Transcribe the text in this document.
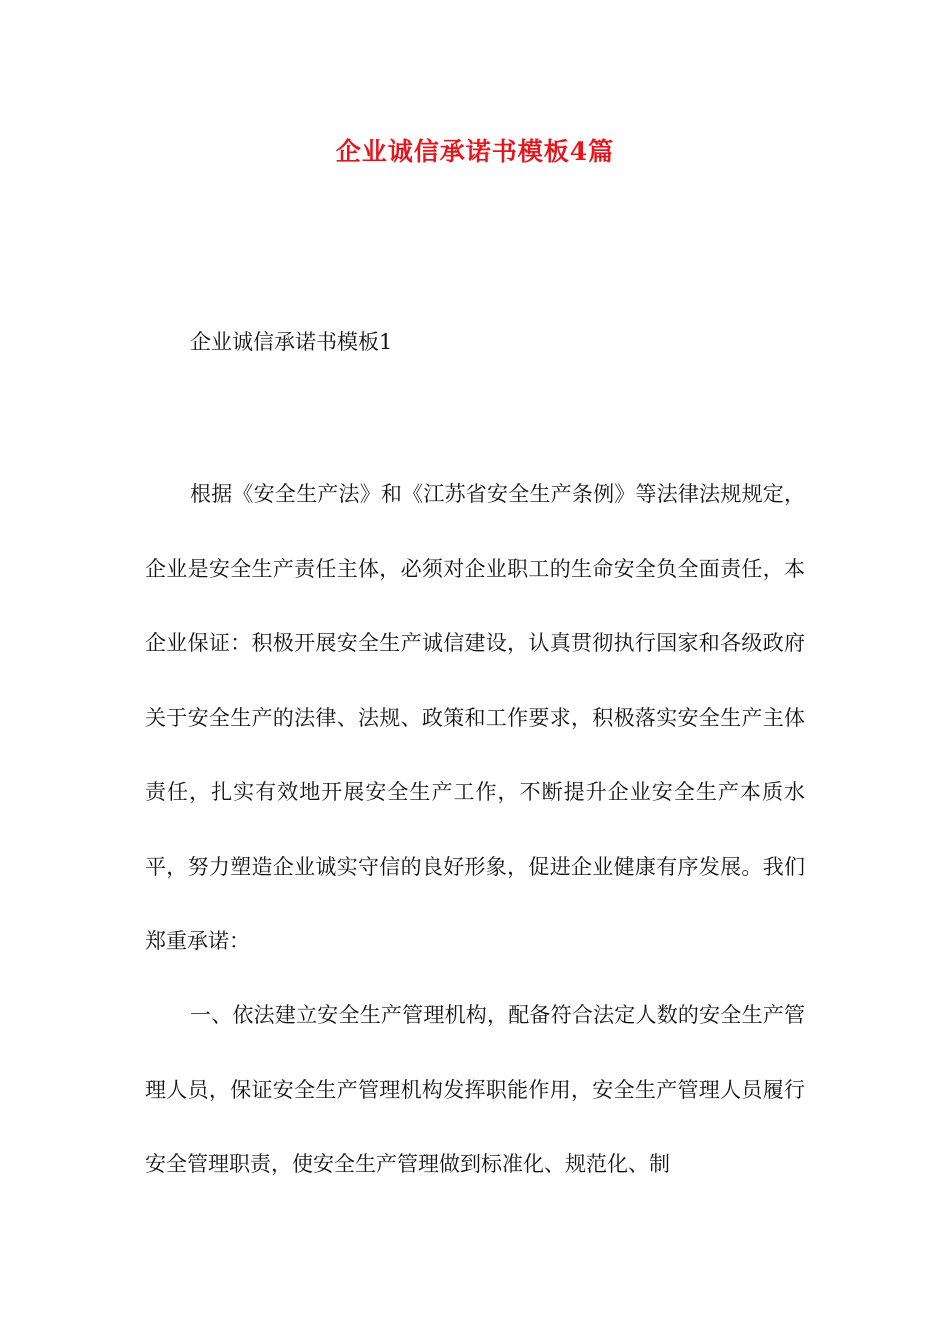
企业诚信承诺书模板4篇
企业诚信承诺书模板1

根据《安全生产法》和《江苏省安全生产条例》等法律法规规定，企业是安全生产责任主体，必须对企业职工的生命安全负全面责任，本企业保证：积极开展安全生产诚信建设，认真贯彻执行国家和各级政府关于安全生产的法律、法规、政策和工作要求，积极落实安全生产主体责任，扎实有效地开展安全生产工作，不断提升企业安全生产本质水平，努力塑造企业诚实守信的良好形象，促进企业健康有序发展。我们郑重承诺：

一、依法建立安全生产管理机构，配备符合法定人数的安全生产管理人员，保证安全生产管理机构发挥职能作用，安全生产管理人员履行安全管理职责，使安全生产管理做到标准化、规范化、制
